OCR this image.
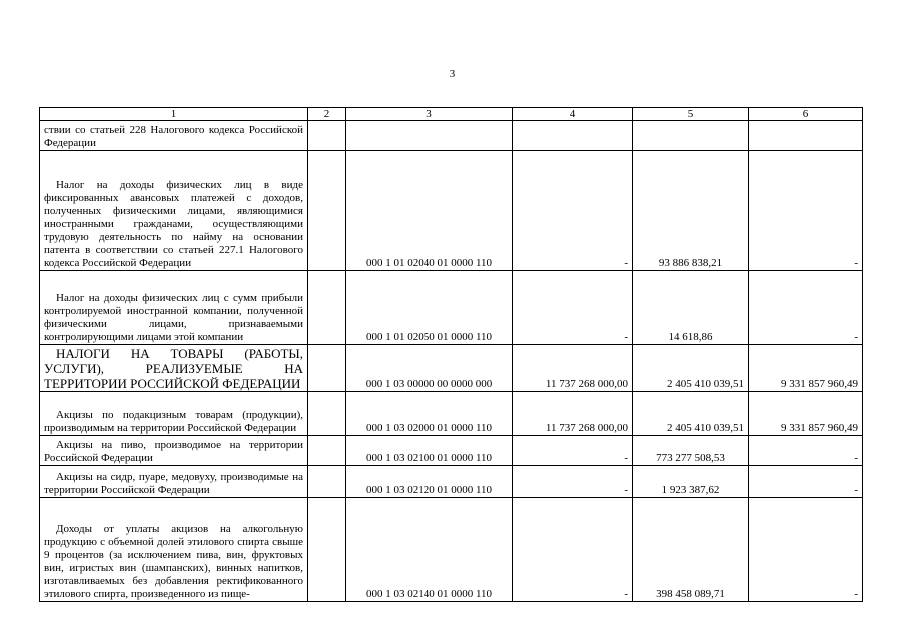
3
1	2	3	4	5	6
ствии со статьей 228 Налогового кодекса Российской Федерации					
Налог на доходы физических лиц в виде фиксированных авансовых платежей с доходов, полученных физическими лицами, являющимися иностранными гражданами, осуществляющими трудовую деятельность по найму на основании патента в соответствии со статьей 227.1 Налогового кодекса Российской Федерации		000 1 01 02040 01 0000 110	-	93 886 838,21	-
Налог на доходы физических лиц с сумм прибыли контролируемой иностранной компании, полученной физическими лицами, признаваемыми контролирующими лицами этой компании		000 1 01 02050 01 0000 110	-	14 618,86	-
НАЛОГИ НА ТОВАРЫ (РАБОТЫ, УСЛУГИ), РЕАЛИЗУЕМЫЕ НА ТЕРРИТОРИИ РОССИЙСКОЙ ФЕДЕРАЦИИ		000 1 03 00000 00 0000 000	11 737 268 000,00	2 405 410 039,51	9 331 857 960,49
Акцизы по подакцизным товарам (продукции), производимым на территории Российской Федерации		000 1 03 02000 01 0000 110	11 737 268 000,00	2 405 410 039,51	9 331 857 960,49
Акцизы на пиво, производимое на территории Российской Федерации		000 1 03 02100 01 0000 110	-	773 277 508,53	-
Акцизы на сидр, пуаре, медовуху, производимые на территории Российской Федерации		000 1 03 02120 01 0000 110	-	1 923 387,62	-
Доходы от уплаты акцизов на алкогольную продукцию с объемной долей этилового спирта свыше 9 процентов (за исключением пива, вин, фруктовых вин, игристых вин (шампанских), винных напитков, изготавливаемых без добавления ректификованного этилового спирта, произведенного из пище-		000 1 03 02140 01 0000 110	-	398 458 089,71	-
